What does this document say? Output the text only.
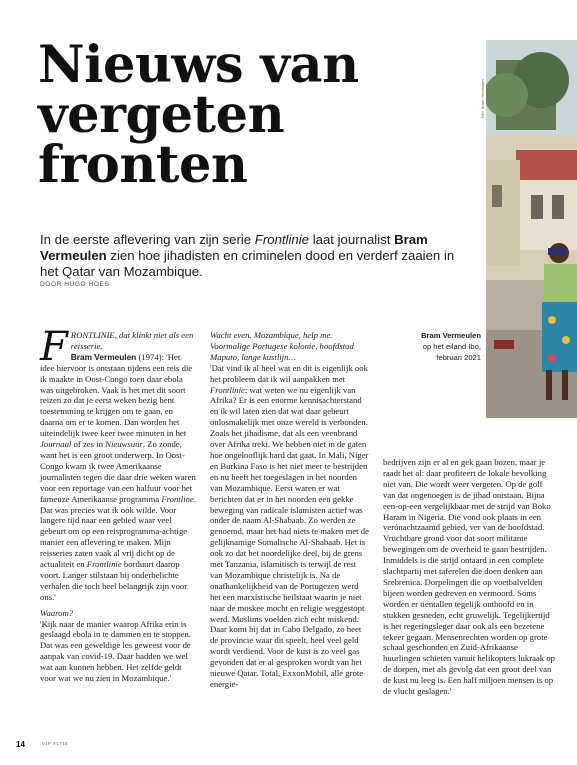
foto: Bram Vermeulen
Nieuws van
vergeten
fronten

In de eerste aflevering van zijn serie Frontlinie laat journalist Bram Vermeulen zien hoe jihadisten en criminelen dood en verderf zaaien in het Qatar van Mozambique.

DOOR HUGO HOES
Bram Vermeulen
op het eiland Ibo,
februari 2021

FRONTLINIE, dat klinkt niet als een reisserie.

Bram Vermeulen (1974): 'Het idee hiervoor is ontstaan tijdens een reis die ik maakte in Oost-Congo toen daar ebola was uitgebroken. Vaak is het met dit soort reizen zo dat je eerst weken bezig bent toestemming te krijgen om te gaan, en daarna om er te komen. Dan worden het uiteindelijk twee keer twee minuten in het Journaal of zes in Nieuwsuur. Zo zonde, want het is een groot onderwerp. In Oost-Congo kwam ik twee Amerikaanse journalisten tegen die daar drie weken waren voor een reportage van een halfuur voor het fameuze Amerikaanse programma Frontline. Dat was precies wat ik ook wilde. Voor langere tijd naar een gebied waar veel gebeurt om op een reisprogramma-achtige manier een aflevering te maken. Mijn reisseries zaten vaak al vrij dicht op de actualiteit en Frontlinie borduurt daarop voort. Langer stilstaan bij onderbelichte verhalen die toch heel belangrijk zijn voor ons.'

Waarom?

'Kijk naar de manier waarop Afrika erin is geslaagd ebola in te dammen en te stoppen. Dat was een geweldige les geweest voor de aanpak van covid-19. Daar hadden we wel wat aan kunnen hebben. Het zelfde geldt voor wat we nu zien in Mozambique.'

Wacht even. Mozambique, help me. Voormalige Portugese kolonie, hoofdstad Maputo, lange kustlijn…

'Dat vind ik al heel wat en dit is eigenlijk ook het probleem dat ik wil aanpakken met Frontlinie: wat weten we nu eigenlijk van Afrika? Er is een enorme kennisachterstand en ik wil laten zien dat wat daar gebeurt onlosmakelijk met onze wereld is verbonden. Zoals het jihadisme, dat als een veenbrand over Afrika trekt. We hebben niet in de gaten hoe ongelooflijk hard dat gaat. In Mali, Niger en Burkina Faso is het niet meer te bestrijden en nu heeft het toegeslagen in het noorden van Mozambique. Eerst waren er wat berichten dat er in het noorden een gekke beweging van radicale islamisten actief was onder de naam Al-Shabaab. Zo werden ze genoemd, maar het had niets te maken met de gelijknamige Somalische Al-Shabaab. Het is ook zo dat het noordelijke deel, bij de grens met Tanzania, islamitisch is terwijl de rest van Mozambique christelijk is. Na de onafhankelijkheid van de Portugezen werd het een marxistische heilstaat waarin je niet naar de moskee mocht en religie weggestopt werd. Moslims voelden zich echt miskend. Daar komt bij dat in Cabo Delgado, zo heet de provincie waar dit speelt, heel veel geld wordt verdiend. Voor de kust is zo veel gas gevonden dat er al gesproken wordt van het nieuwe Qatar. Total, ExxonMobil, alle grote energie-

bedrijven zijn er al en gek gaan bozen, maar je raadt het al: daar profiteert de lokale bevolking niet van. Die wordt weer vergeten. Op de golf van dat ongenoegen is de jihad ontstaan. Bijna een-op-een vergelijkbaar met de strijd van Boko Haram in Nigeria. Die vond ook plaats in een verónachtzaamd gebied, ver van de hoofdstad. Vruchtbare grond voor dat soort militante bewegingen om de overheid te gaan bestrijden. Inmiddels is die strijd ontaard in een complete slachtpartij met taferelen die doen denken aan Srebrenica. Dorpelingen die op voetbalvelden bijeen worden gedreven en vermoord. Soms worden er tientallen tegelijk onthoofd en in stukken gesneden, echt gruwelijk. Tegelijkertijd is het regeringsleger daar ook als een bezetene tekeer gegaan. Mensenrechten worden op grote schaal geschonden en Zuid-Afrikaanse huurlingen schieten vanuit helikopters lukraak op de dorpen, met als gevolg dat een groot deel van de kust nu leeg is. Een half miljoen mensen is op de vlucht geslagen.'

14	ᴠɪᴘ ᴀᴄᴛɪᴇ
